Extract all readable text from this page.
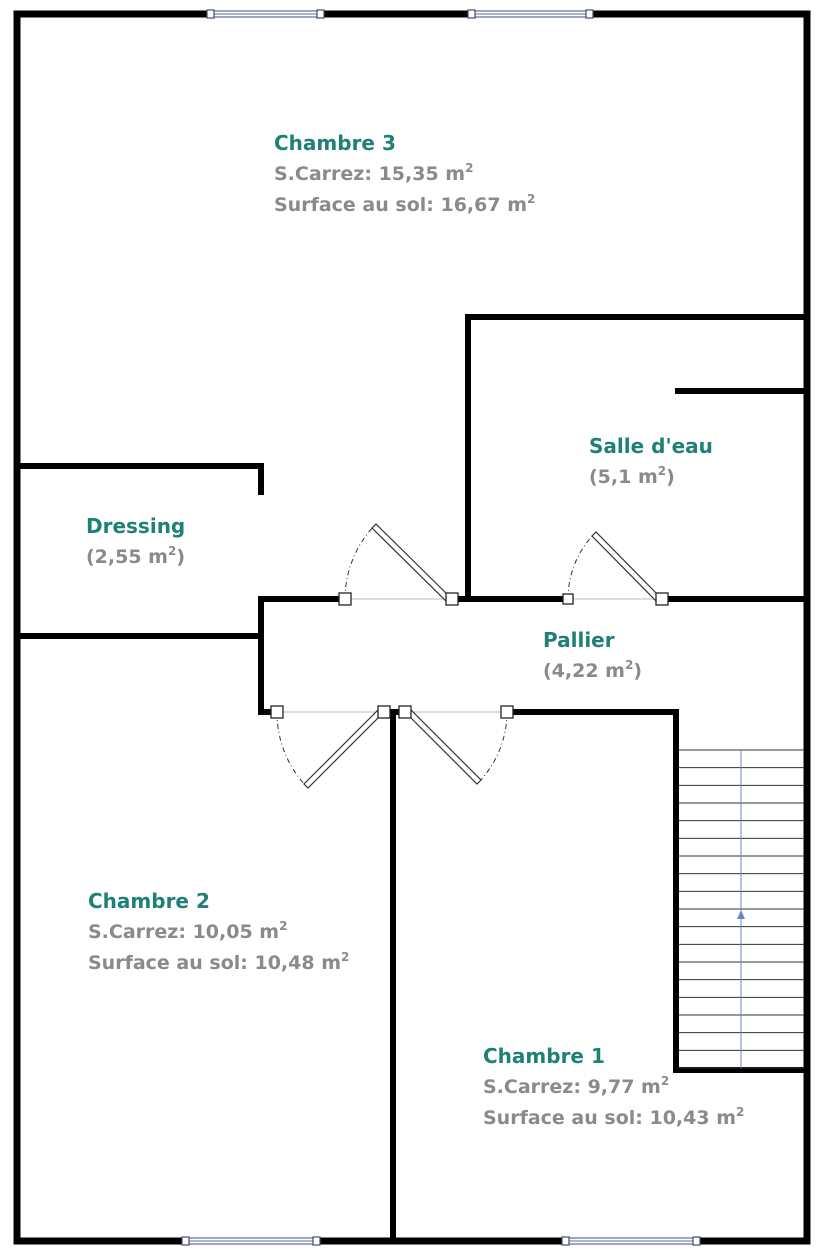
Chambre 3
S.Carrez: 15,35 $m^2$
Surface au sol: 16,67 $m^2$
Salle d'eau
(5,1 $m^2$)
Dressing
(2,55 $m^2$)
Pallier
(4,22 $m^2$)
Chambre 2
S.Carrez: 10,05 $m^2$
Surface au sol: 10,48 $m^2$
Chambre 1
S.Carrez: 9,77 $m^2$
Surface au sol: 10,43 $m^2$
